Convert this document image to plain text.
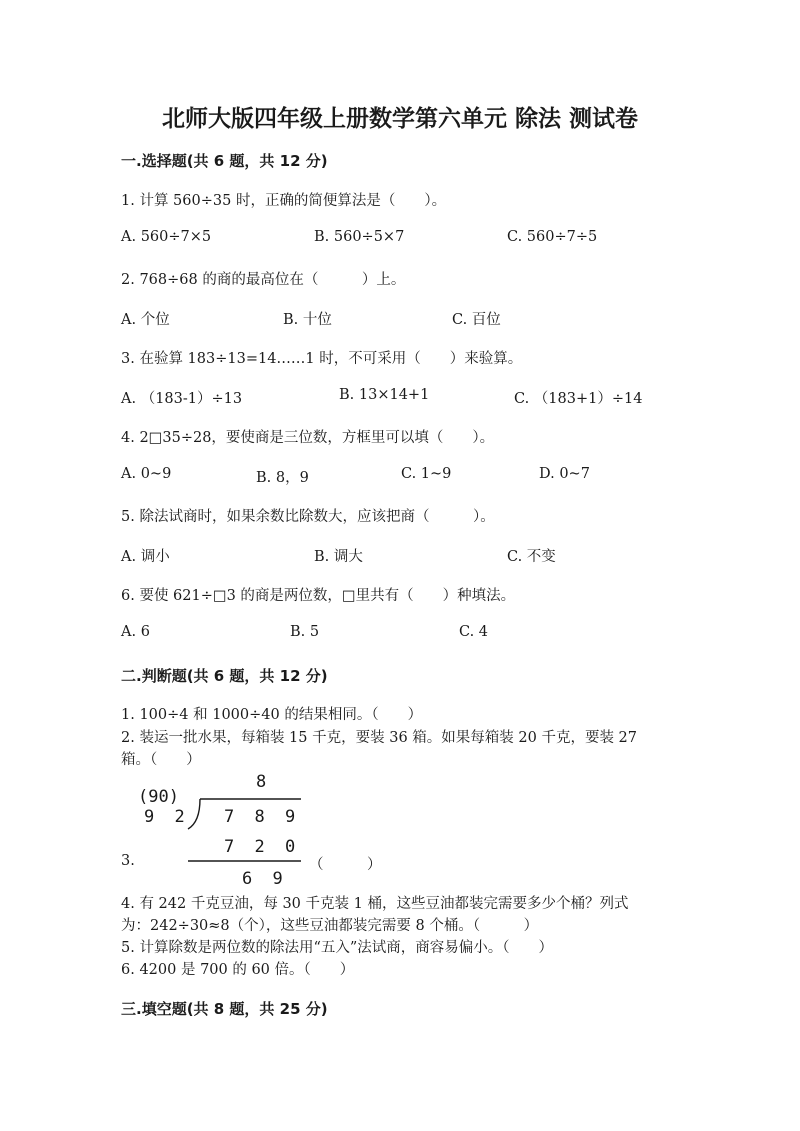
北师大版四年级上册数学第六单元 除法 测试卷
一.选择题(共 6 题，共 12 分)
1. 计算 560÷35 时，正确的简便算法是（　　）。
A. 560÷7×5	B. 560÷5×7	C. 560÷7÷5
2. 768÷68 的商的最高位在（　　　）上。
A. 个位	B. 十位	C. 百位
3. 在验算 183÷13=14……1 时，不可采用（　　）来验算。
A. （183-1）÷13	B. 13×14+1	C. （183+1）÷14
4. 2□35÷28，要使商是三位数，方框里可以填（　　）。
A. 0~9	B. 8，9	C. 1~9	D. 0~7
5. 除法试商时，如果余数比除数大，应该把商（　　　）。
A. 调小	B. 调大	C. 不变
6. 要使 621÷□3 的商是两位数，□里共有（　　）种填法。
A. 6	B. 5	C. 4
二.判断题(共 6 题，共 12 分)
1. 100÷4 和 1000÷40 的结果相同。（　　）
2. 装运一批水果，每箱装 15 千克，要装 36 箱。如果每箱装 20 千克，要装 27
箱。（　　）
8
(90)
9 2 7 8 9
7 2 0
6 9
3.	（　　　）
4. 有 242 千克豆油，每 30 千克装 1 桶，这些豆油都装完需要多少个桶？列式
为：242÷30≈8（个），这些豆油都装完需要 8 个桶。（　　　）
5. 计算除数是两位数的除法用“五入”法试商，商容易偏小。（　　）
6. 4200 是 700 的 60 倍。（　　）
三.填空题(共 8 题，共 25 分)
